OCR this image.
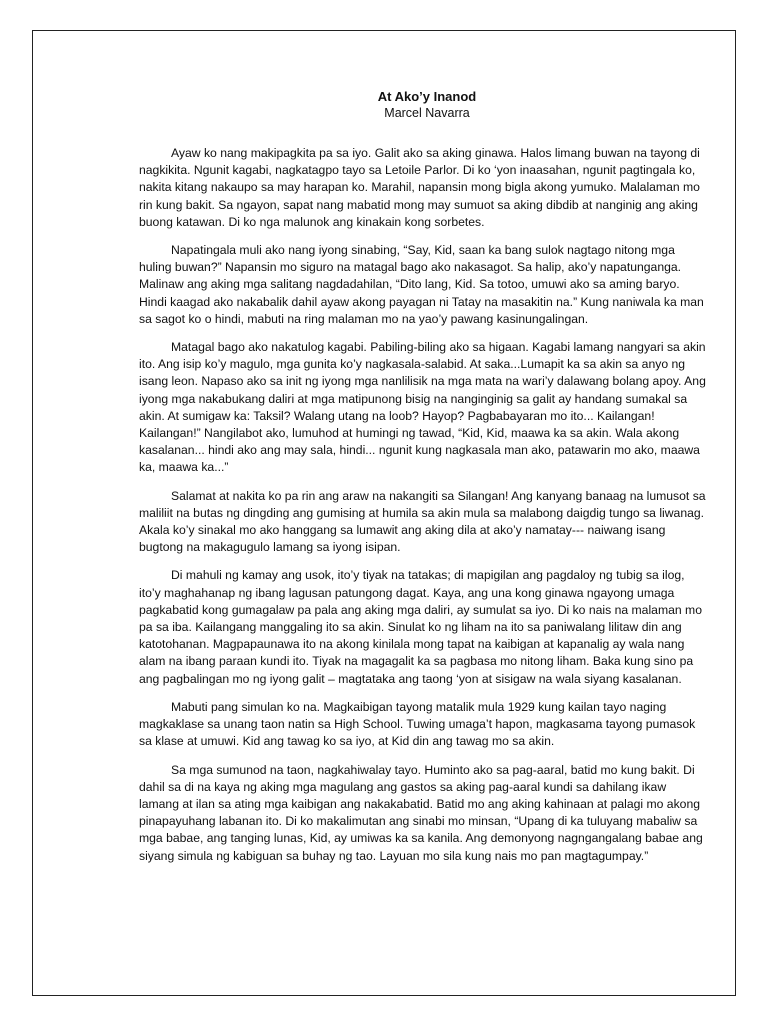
At Ako’y Inanod

Marcel Navarra

Ayaw ko nang makipagkita pa sa iyo. Galit ako sa aking ginawa. Halos limang buwan na tayong di nagkikita. Ngunit kagabi, nagkatagpo tayo sa Letoile Parlor. Di ko ‘yon inaasahan, ngunit pagtingala ko, nakita kitang nakaupo sa may harapan ko. Marahil, napansin mong bigla akong yumuko. Malalaman mo rin kung bakit. Sa ngayon, sapat nang mabatid mong may sumuot sa aking dibdib at nanginig ang aking buong katawan. Di ko nga malunok ang kinakain kong sorbetes.

Napatingala muli ako nang iyong sinabing, “Say, Kid, saan ka bang sulok nagtago nitong mga huling buwan?” Napansin mo siguro na matagal bago ako nakasagot. Sa halip, ako’y napatunganga. Malinaw ang aking mga salitang nagdadahilan, “Dito lang, Kid. Sa totoo, umuwi ako sa aming baryo. Hindi kaagad ako nakabalik dahil ayaw akong payagan ni Tatay na masakitin na.” Kung naniwala ka man sa sagot ko o hindi, mabuti na ring malaman mo na yao’y pawang kasinungalingan.

Matagal bago ako nakatulog kagabi. Pabiling-biling ako sa higaan. Kagabi lamang nangyari sa akin ito. Ang isip ko’y magulo, mga gunita ko’y nagkasala-salabid. At saka...Lumapit ka sa akin sa anyo ng isang leon. Napaso ako sa init ng iyong mga nanlilisik na mga mata na wari’y dalawang bolang apoy. Ang iyong mga nakabukang daliri at mga matipunong bisig na nanginginig sa galit ay handang sumakal sa akin. At sumigaw ka: Taksil? Walang utang na loob? Hayop? Pagbabayaran mo ito... Kailangan! Kailangan!” Nangilabot ako, lumuhod at humingi ng tawad, “Kid, Kid, maawa ka sa akin. Wala akong kasalanan... hindi ako ang may sala, hindi... ngunit kung nagkasala man ako, patawarin mo ako, maawa ka, maawa ka...”

Salamat at nakita ko pa rin ang araw na nakangiti sa Silangan! Ang kanyang banaag na lumusot sa maliliit na butas ng dingding ang gumising at humila sa akin mula sa malabong daigdig tungo sa liwanag. Akala ko’y sinakal mo ako hanggang sa lumawit ang aking dila at ako’y namatay--- naiwang isang bugtong na makagugulo lamang sa iyong isipan.

Di mahuli ng kamay ang usok, ito’y tiyak na tatakas; di mapigilan ang pagdaloy ng tubig sa ilog, ito’y maghahanap ng ibang lagusan patungong dagat. Kaya, ang una kong ginawa ngayong umaga pagkabatid kong gumagalaw pa pala ang aking mga daliri, ay sumulat sa iyo. Di ko nais na malaman mo pa sa iba. Kailangang manggaling ito sa akin. Sinulat ko ng liham na ito sa paniwalang lilitaw din ang katotohanan. Magpapaunawa ito na akong kinilala mong tapat na kaibigan at kapanalig ay wala nang alam na ibang paraan kundi ito. Tiyak na magagalit ka sa pagbasa mo nitong liham. Baka kung sino pa ang pagbalingan mo ng iyong galit – magtataka ang taong ‘yon at sisigaw na wala siyang kasalanan.

Mabuti pang simulan ko na. Magkaibigan tayong matalik mula 1929 kung kailan tayo naging magkaklase sa unang taon natin sa High School. Tuwing umaga’t hapon, magkasama tayong pumasok sa klase at umuwi. Kid ang tawag ko sa iyo, at Kid din ang tawag mo sa akin.

Sa mga sumunod na taon, nagkahiwalay tayo. Huminto ako sa pag-aaral, batid mo kung bakit. Di dahil sa di na kaya ng aking mga magulang ang gastos sa aking pag-aaral kundi sa dahilang ikaw lamang at ilan sa ating mga kaibigan ang nakakabatid. Batid mo ang aking kahinaan at palagi mo akong pinapayuhang labanan ito. Di ko makalimutan ang sinabi mo minsan, “Upang di ka tuluyang mabaliw sa mga babae, ang tanging lunas, Kid, ay umiwas ka sa kanila. Ang demonyong nagngangalang babae ang siyang simula ng kabiguan sa buhay ng tao. Layuan mo sila kung nais mo pan magtagumpay.”
